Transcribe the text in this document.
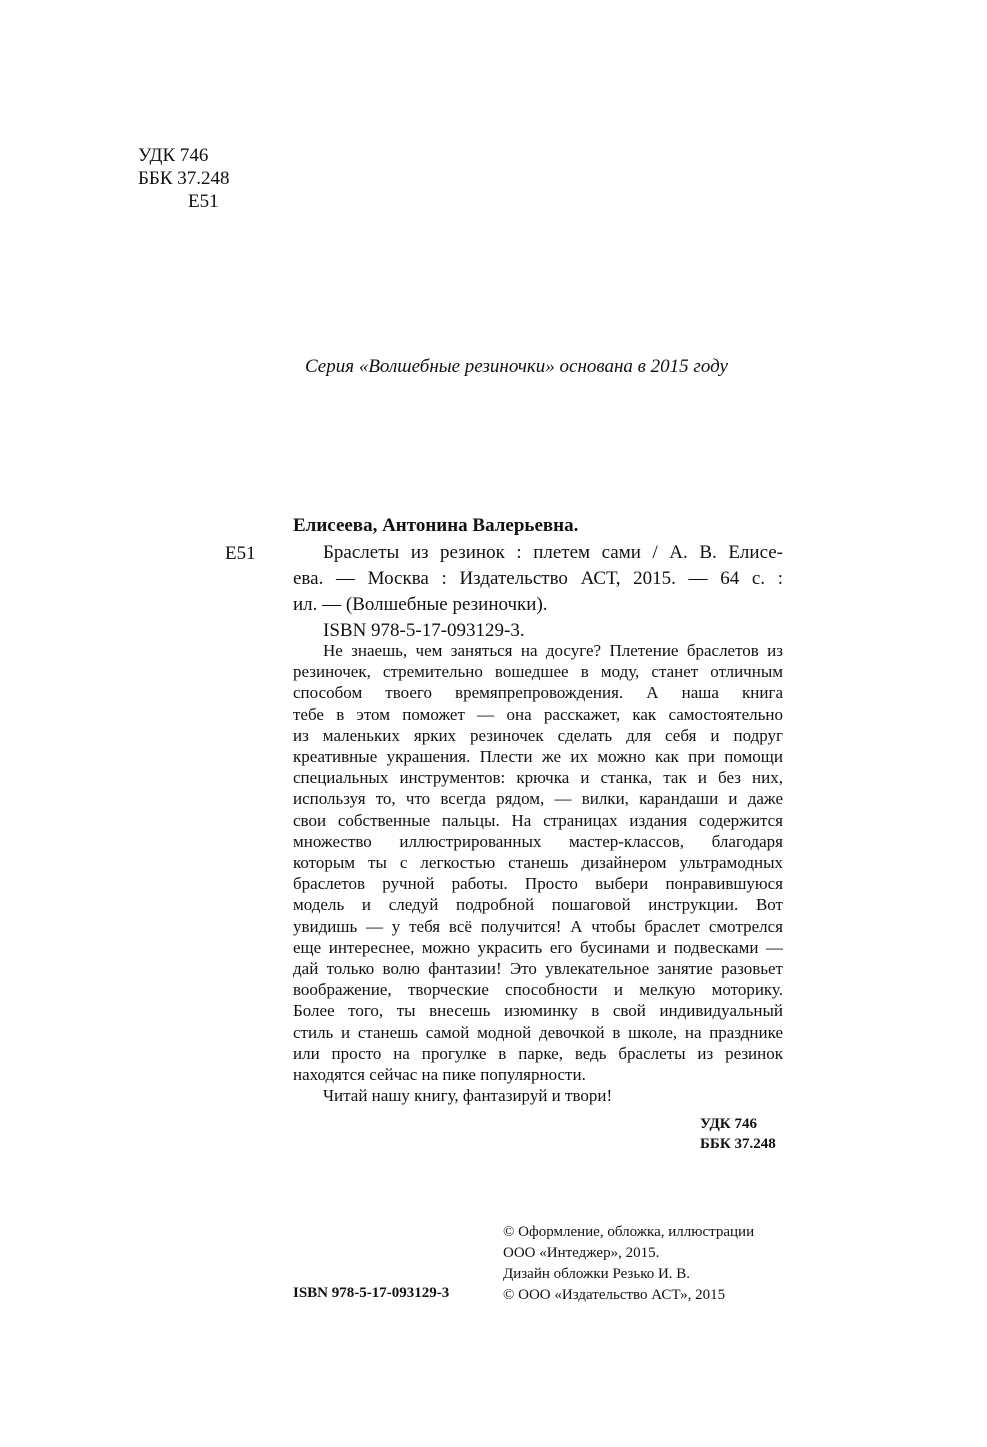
УДК 746
ББК 37.248
Е51
Серия «Волшебные резиночки» основана в 2015 году
Елисеева, Антонина Валерьевна.
Е51	Браслеты из резинок : плетем сами / А. В. Елисе-
ева. — Москва : Издательство АСТ, 2015. — 64 с. :
ил. — (Волшебные резиночки).
ISBN 978-5-17-093129-3.
Не знаешь, чем заняться на досуге? Плетение браслетов из
резиночек, стремительно вошедшее в моду, станет отличным
способом твоего времяпрепровождения. А наша книга
тебе в этом поможет — она расскажет, как самостоятельно
из маленьких ярких резиночек сделать для себя и подруг
креативные украшения. Плести же их можно как при помощи
специальных инструментов: крючка и станка, так и без них,
используя то, что всегда рядом, — вилки, карандаши и даже
свои собственные пальцы. На страницах издания содержится
множество иллюстрированных мастер-классов, благодаря
которым ты с легкостью станешь дизайнером ультрамодных
браслетов ручной работы. Просто выбери понравившуюся
модель и следуй подробной пошаговой инструкции. Вот
увидишь — у тебя всё получится! А чтобы браслет смотрелся
еще интереснее, можно украсить его бусинами и подвесками —
дай только волю фантазии! Это увлекательное занятие разовьет
воображение, творческие способности и мелкую моторику.
Более того, ты внесешь изюминку в свой индивидуальный
стиль и станешь самой модной девочкой в школе, на празднике
или просто на прогулке в парке, ведь браслеты из резинок
находятся сейчас на пике популярности.
Читай нашу книгу, фантазируй и твори!
УДК 746
ББК 37.248
ISBN 978-5-17-093129-3
© Оформление, обложка, иллюстрации
ООО «Интеджер», 2015.
Дизайн обложки Резько И. В.
© ООО «Издательство АСТ», 2015
